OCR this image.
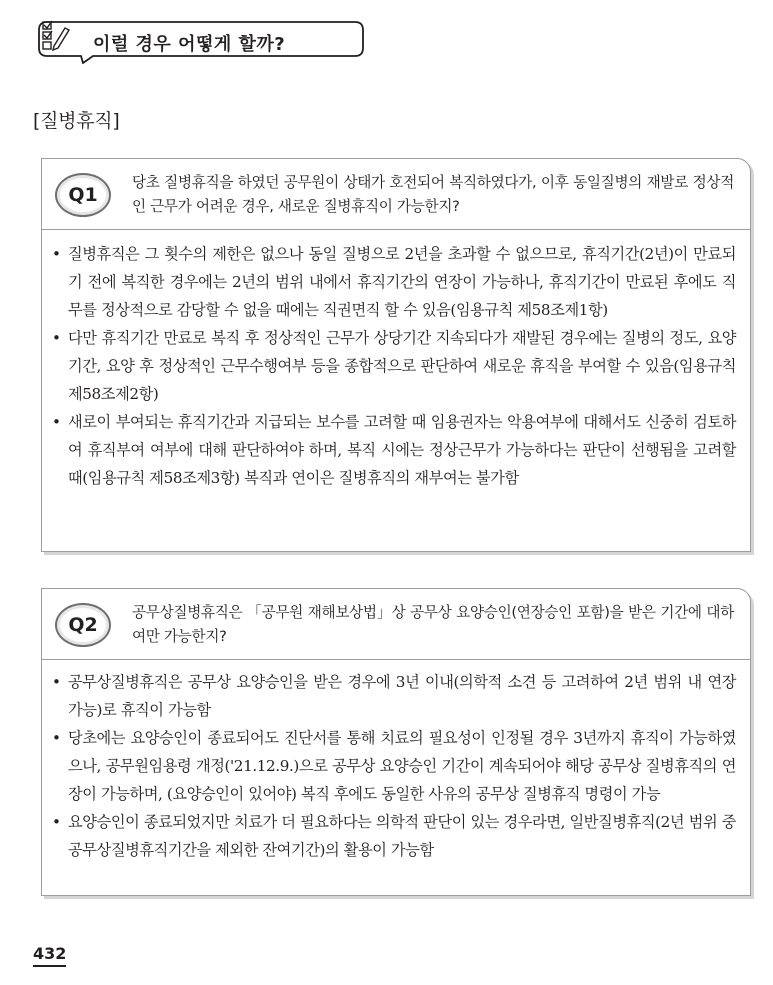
이럴 경우 어떻게 할까?
[질병휴직]
Q1
당초 질병휴직을 하였던 공무원이 상태가 호전되어 복직하였다가, 이후 동일질병의 재발로 정상적인 근무가 어려운 경우, 새로운 질병휴직이 가능한지?
• 질병휴직은 그 횟수의 제한은 없으나 동일 질병으로 2년을 초과할 수 없으므로, 휴직기간(2년)이 만료되기 전에 복직한 경우에는 2년의 범위 내에서 휴직기간의 연장이 가능하나, 휴직기간이 만료된 후에도 직무를 정상적으로 감당할 수 없을 때에는 직권면직 할 수 있음(임용규칙 제58조제1항)
• 다만 휴직기간 만료로 복직 후 정상적인 근무가 상당기간 지속되다가 재발된 경우에는 질병의 정도, 요양기간, 요양 후 정상적인 근무수행여부 등을 종합적으로 판단하여 새로운 휴직을 부여할 수 있음(임용규칙 제58조제2항)
• 새로이 부여되는 휴직기간과 지급되는 보수를 고려할 때 임용권자는 악용여부에 대해서도 신중히 검토하여 휴직부여 여부에 대해 판단하여야 하며, 복직 시에는 정상근무가 가능하다는 판단이 선행됨을 고려할 때(임용규칙 제58조제3항) 복직과 연이은 질병휴직의 재부여는 불가함
Q2
공무상질병휴직은 「공무원 재해보상법」상 공무상 요양승인(연장승인 포함)을 받은 기간에 대하여만 가능한지?
• 공무상질병휴직은 공무상 요양승인을 받은 경우에 3년 이내(의학적 소견 등 고려하여 2년 범위 내 연장 가능)로 휴직이 가능함
• 당초에는 요양승인이 종료되어도 진단서를 통해 치료의 필요성이 인정될 경우 3년까지 휴직이 가능하였으나, 공무원임용령 개정('21.12.9.)으로 공무상 요양승인 기간이 계속되어야 해당 공무상 질병휴직의 연장이 가능하며, (요양승인이 있어야) 복직 후에도 동일한 사유의 공무상 질병휴직 명령이 가능
• 요양승인이 종료되었지만 치료가 더 필요하다는 의학적 판단이 있는 경우라면, 일반질병휴직(2년 범위 중 공무상질병휴직기간을 제외한 잔여기간)의 활용이 가능함
432
